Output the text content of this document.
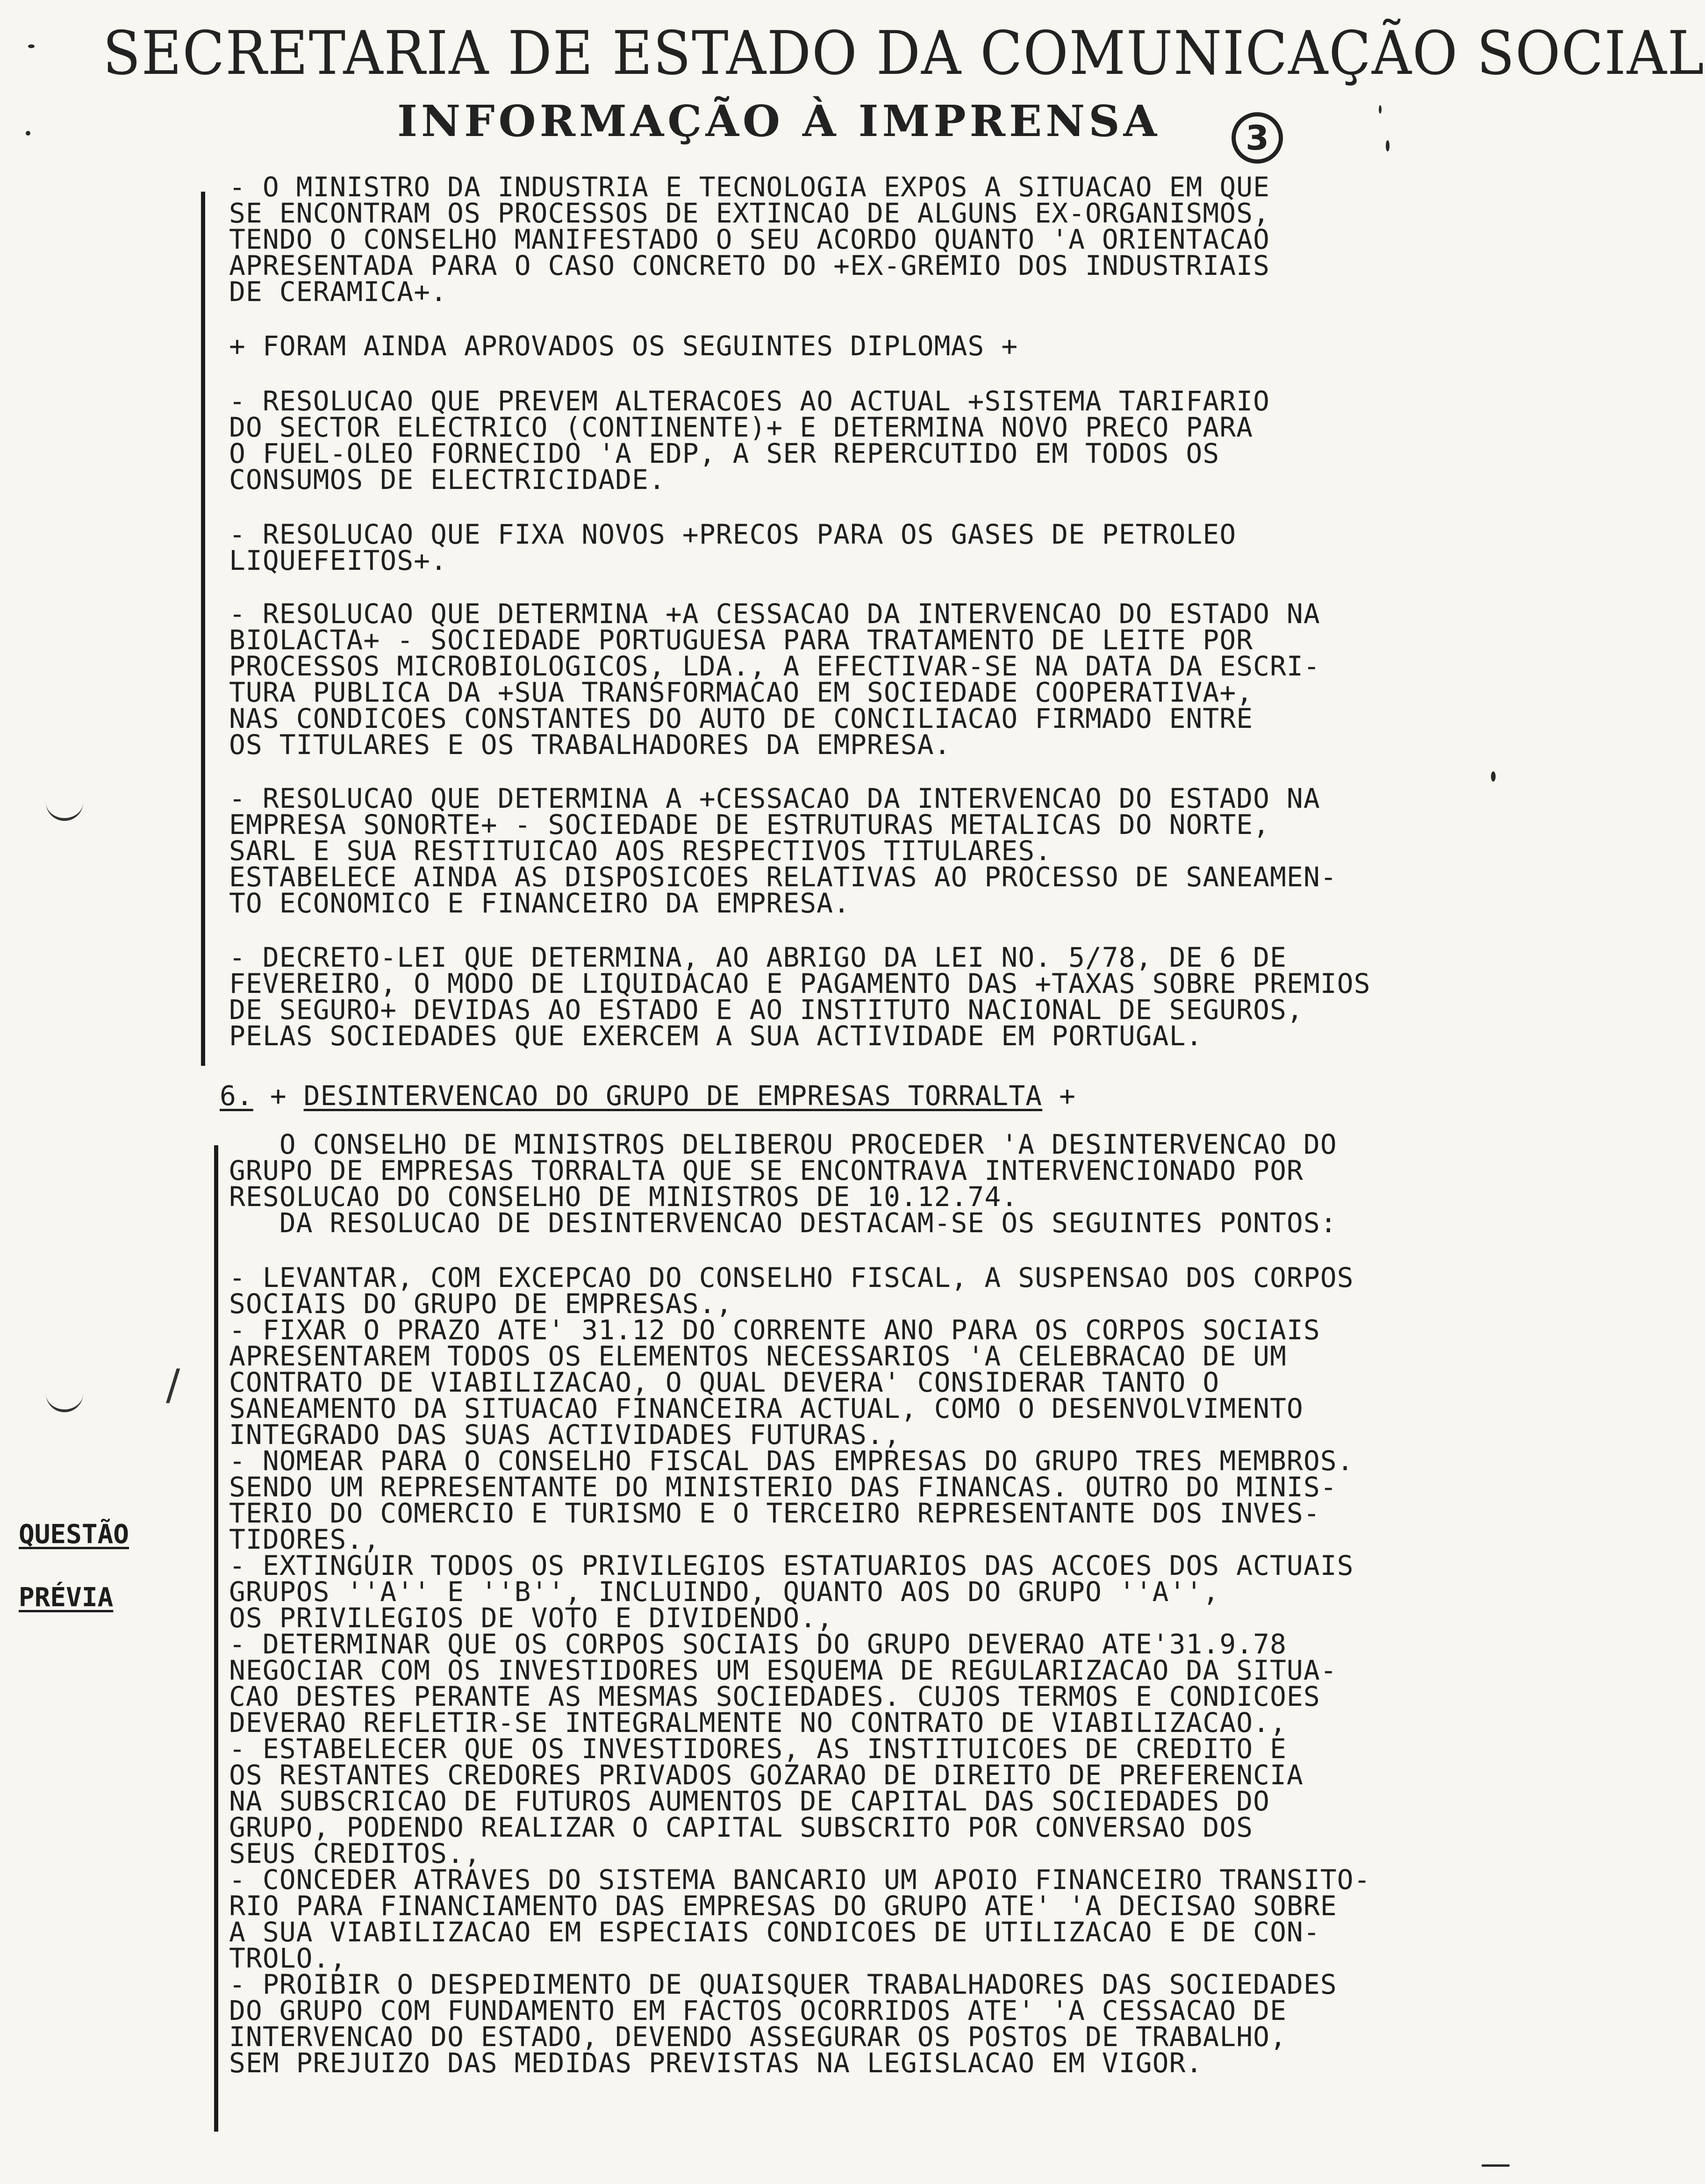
SECRETARIA DE ESTADO DA COMUNICAÇÃO SOCIAL
INFORMAÇÃO À IMPRENSA	3
- O MINISTRO DA INDUSTRIA E TECNOLOGIA EXPOS A SITUACAO EM QUE
SE ENCONTRAM OS PROCESSOS DE EXTINCAO DE ALGUNS EX-ORGANISMOS,
TENDO O CONSELHO MANIFESTADO O SEU ACORDO QUANTO 'A ORIENTACAO
APRESENTADA PARA O CASO CONCRETO DO +EX-GREMIO DOS INDUSTRIAIS
DE CERAMICA+.
+ FORAM AINDA APROVADOS OS SEGUINTES DIPLOMAS +
- RESOLUCAO QUE PREVEM ALTERACOES AO ACTUAL +SISTEMA TARIFARIO
DO SECTOR ELECTRICO (CONTINENTE)+ E DETERMINA NOVO PRECO PARA
O FUEL-OLEO FORNECIDO 'A EDP, A SER REPERCUTIDO EM TODOS OS
CONSUMOS DE ELECTRICIDADE.
- RESOLUCAO QUE FIXA NOVOS +PRECOS PARA OS GASES DE PETROLEO
LIQUEFEITOS+.
- RESOLUCAO QUE DETERMINA +A CESSACAO DA INTERVENCAO DO ESTADO NA
BIOLACTA+ - SOCIEDADE PORTUGUESA PARA TRATAMENTO DE LEITE POR
PROCESSOS MICROBIOLOGICOS, LDA., A EFECTIVAR-SE NA DATA DA ESCRI-
TURA PUBLICA DA +SUA TRANSFORMACAO EM SOCIEDADE COOPERATIVA+,
NAS CONDICOES CONSTANTES DO AUTO DE CONCILIACAO FIRMADO ENTRE
OS TITULARES E OS TRABALHADORES DA EMPRESA.
- RESOLUCAO QUE DETERMINA A +CESSACAO DA INTERVENCAO DO ESTADO NA
EMPRESA SONORTE+ - SOCIEDADE DE ESTRUTURAS METALICAS DO NORTE,
SARL E SUA RESTITUICAO AOS RESPECTIVOS TITULARES.
ESTABELECE AINDA AS DISPOSICOES RELATIVAS AO PROCESSO DE SANEAMEN-
TO ECONOMICO E FINANCEIRO DA EMPRESA.
- DECRETO-LEI QUE DETERMINA, AO ABRIGO DA LEI NO. 5/78, DE 6 DE
FEVEREIRO, O MODO DE LIQUIDACAO E PAGAMENTO DAS +TAXAS SOBRE PREMIOS
DE SEGURO+ DEVIDAS AO ESTADO E AO INSTITUTO NACIONAL DE SEGUROS,
PELAS SOCIEDADES QUE EXERCEM A SUA ACTIVIDADE EM PORTUGAL.
6. + DESINTERVENCAO DO GRUPO DE EMPRESAS TORRALTA +
O CONSELHO DE MINISTROS DELIBEROU PROCEDER 'A DESINTERVENCAO DO
GRUPO DE EMPRESAS TORRALTA QUE SE ENCONTRAVA INTERVENCIONADO POR
RESOLUCAO DO CONSELHO DE MINISTROS DE 10.12.74.
DA RESOLUCAO DE DESINTERVENCAO DESTACAM-SE OS SEGUINTES PONTOS:
- LEVANTAR, COM EXCEPCAO DO CONSELHO FISCAL, A SUSPENSAO DOS CORPOS
SOCIAIS DO GRUPO DE EMPRESAS.,
- FIXAR O PRAZO ATE' 31.12 DO CORRENTE ANO PARA OS CORPOS SOCIAIS
APRESENTAREM TODOS OS ELEMENTOS NECESSARIOS 'A CELEBRACAO DE UM
CONTRATO DE VIABILIZACAO, O QUAL DEVERA' CONSIDERAR TANTO O
SANEAMENTO DA SITUACAO FINANCEIRA ACTUAL, COMO O DESENVOLVIMENTO
INTEGRADO DAS SUAS ACTIVIDADES FUTURAS.,
- NOMEAR PARA O CONSELHO FISCAL DAS EMPRESAS DO GRUPO TRES MEMBROS.
SENDO UM REPRESENTANTE DO MINISTERIO DAS FINANCAS. OUTRO DO MINIS-
TERIO DO COMERCIO E TURISMO E O TERCEIRO REPRESENTANTE DOS INVES-
TIDORES.,
- EXTINGUIR TODOS OS PRIVILEGIOS ESTATUARIOS DAS ACCOES DOS ACTUAIS
GRUPOS ''A'' E ''B'', INCLUINDO, QUANTO AOS DO GRUPO ''A'',
OS PRIVILEGIOS DE VOTO E DIVIDENDO.,
- DETERMINAR QUE OS CORPOS SOCIAIS DO GRUPO DEVERAO ATE'31.9.78
NEGOCIAR COM OS INVESTIDORES UM ESQUEMA DE REGULARIZACAO DA SITUA-
CAO DESTES PERANTE AS MESMAS SOCIEDADES. CUJOS TERMOS E CONDICOES
DEVERAO REFLETIR-SE INTEGRALMENTE NO CONTRATO DE VIABILIZACAO.,
- ESTABELECER QUE OS INVESTIDORES, AS INSTITUICOES DE CREDITO E
OS RESTANTES CREDORES PRIVADOS GOZARAO DE DIREITO DE PREFERENCIA
NA SUBSCRICAO DE FUTUROS AUMENTOS DE CAPITAL DAS SOCIEDADES DO
GRUPO, PODENDO REALIZAR O CAPITAL SUBSCRITO POR CONVERSAO DOS
SEUS CREDITOS.,
- CONCEDER ATRAVES DO SISTEMA BANCARIO UM APOIO FINANCEIRO TRANSITO-
RIO PARA FINANCIAMENTO DAS EMPRESAS DO GRUPO ATE' 'A DECISAO SOBRE
A SUA VIABILIZACAO EM ESPECIAIS CONDICOES DE UTILIZACAO E DE CON-
TROLO.,
- PROIBIR O DESPEDIMENTO DE QUAISQUER TRABALHADORES DAS SOCIEDADES
DO GRUPO COM FUNDAMENTO EM FACTOS OCORRIDOS ATE' 'A CESSACAO DE
INTERVENCAO DO ESTADO, DEVENDO ASSEGURAR OS POSTOS DE TRABALHO,
SEM PREJUIZO DAS MEDIDAS PREVISTAS NA LEGISLACAO EM VIGOR.
QUESTÃO
PRÉVIA
/
